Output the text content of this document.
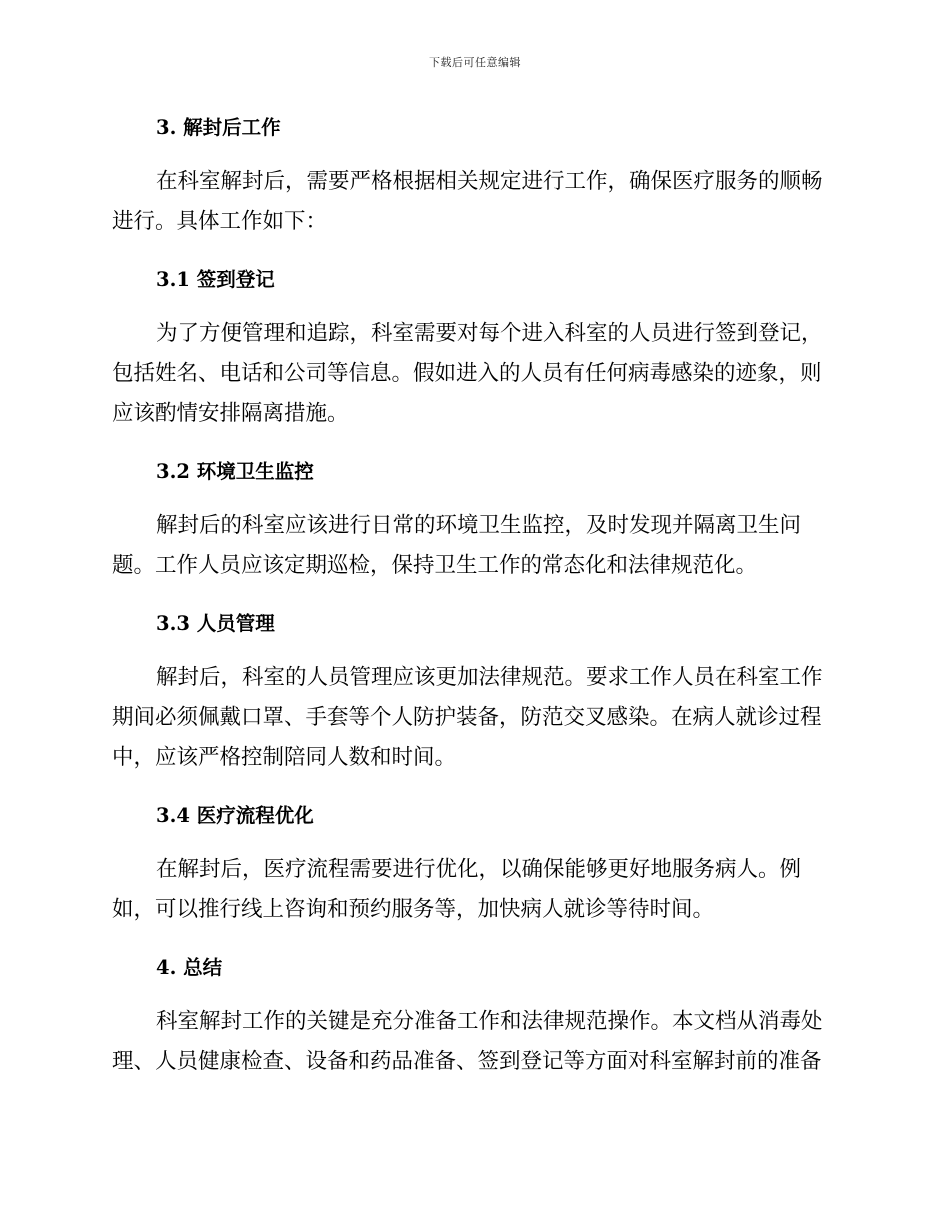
下载后可任意编辑
3. 解封后工作

在科室解封后，需要严格根据相关规定进行工作，确保医疗服务的顺畅
进行。具体工作如下：

3.1 签到登记

为了方便管理和追踪，科室需要对每个进入科室的人员进行签到登记，
包括姓名、电话和公司等信息。假如进入的人员有任何病毒感染的迹象，则
应该酌情安排隔离措施。

3.2 环境卫生监控

解封后的科室应该进行日常的环境卫生监控，及时发现并隔离卫生问
题。工作人员应该定期巡检，保持卫生工作的常态化和法律规范化。

3.3 人员管理

解封后，科室的人员管理应该更加法律规范。要求工作人员在科室工作
期间必须佩戴口罩、手套等个人防护装备，防范交叉感染。在病人就诊过程
中，应该严格控制陪同人数和时间。

3.4 医疗流程优化

在解封后，医疗流程需要进行优化，以确保能够更好地服务病人。例
如，可以推行线上咨询和预约服务等，加快病人就诊等待时间。

4. 总结

科室解封工作的关键是充分准备工作和法律规范操作。本文档从消毒处
理、人员健康检查、设备和药品准备、签到登记等方面对科室解封前的准备
